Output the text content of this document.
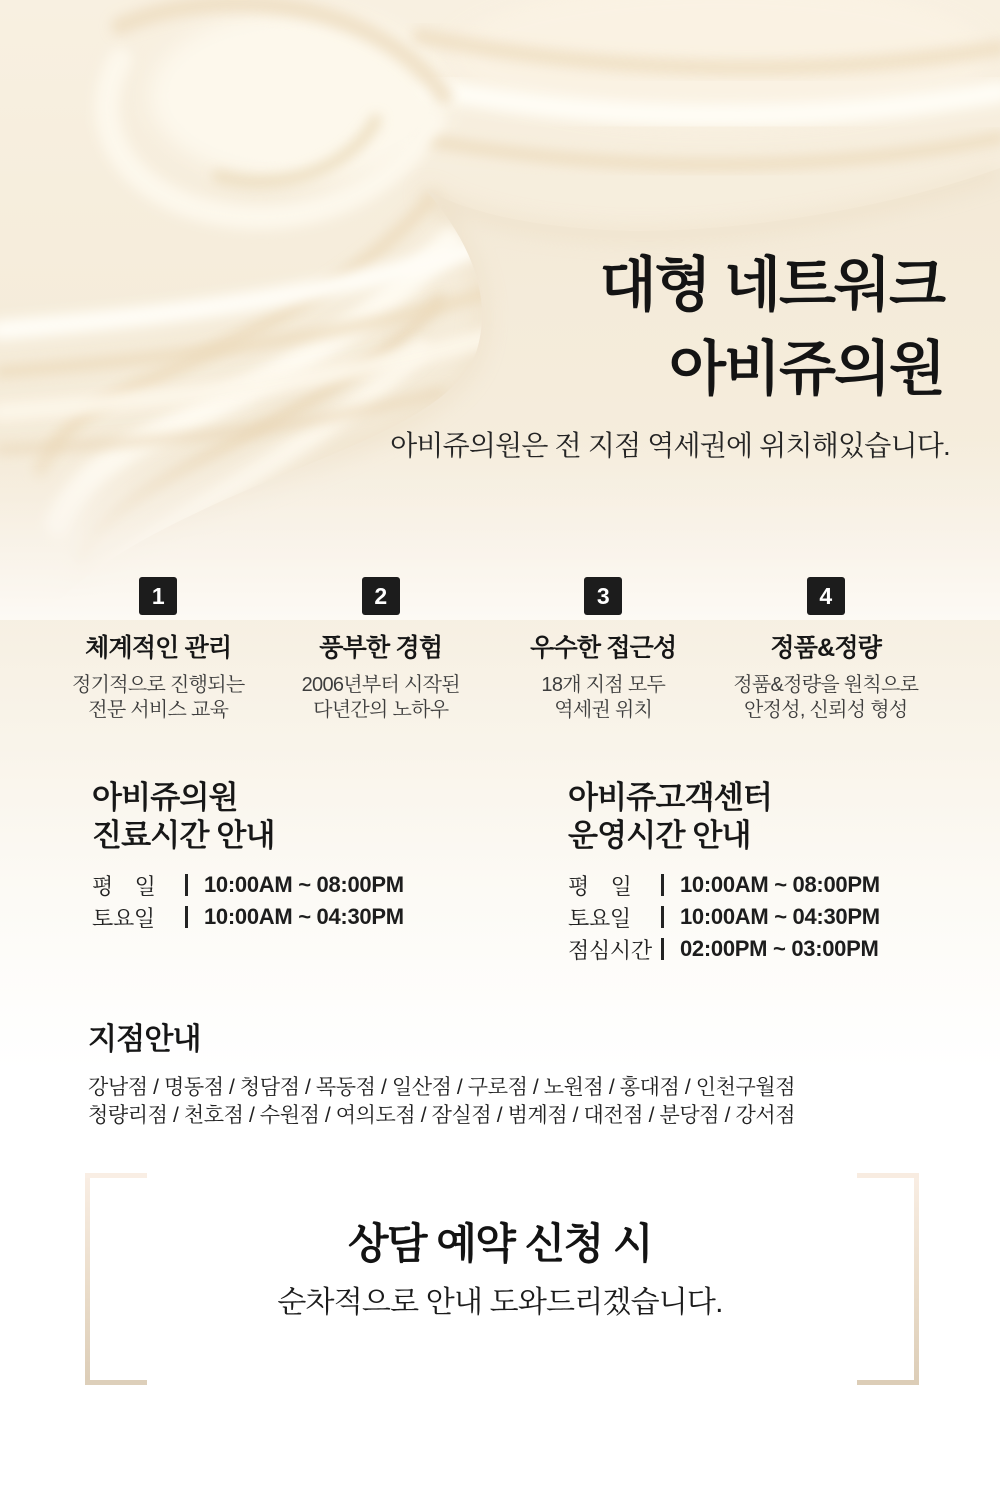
대형 네트워크
아비쥬의원
아비쥬의원은 전 지점 역세권에 위치해있습니다.
1
체계적인 관리
정기적으로 진행되는
전문 서비스 교육
2
풍부한 경험
2006년부터 시작된
다년간의 노하우
3
우수한 접근성
18개 지점 모두
역세권 위치
4
정품&정량
정품&정량을 원칙으로
안정성, 신뢰성 형성
아비쥬의원
진료시간 안내
평 일	10:00AM ~ 08:00PM
토요일	10:00AM ~ 04:30PM
아비쥬고객센터
운영시간 안내
평 일	10:00AM ~ 08:00PM
토요일	10:00AM ~ 04:30PM
점심시간	02:00PM ~ 03:00PM
지점안내
강남점 / 명동점 / 청담점 / 목동점 / 일산점 / 구로점 / 노원점 / 홍대점 / 인천구월점
청량리점 / 천호점 / 수원점 / 여의도점 / 잠실점 / 범계점 / 대전점 / 분당점 / 강서점
상담 예약 신청 시
순차적으로 안내 도와드리겠습니다.
